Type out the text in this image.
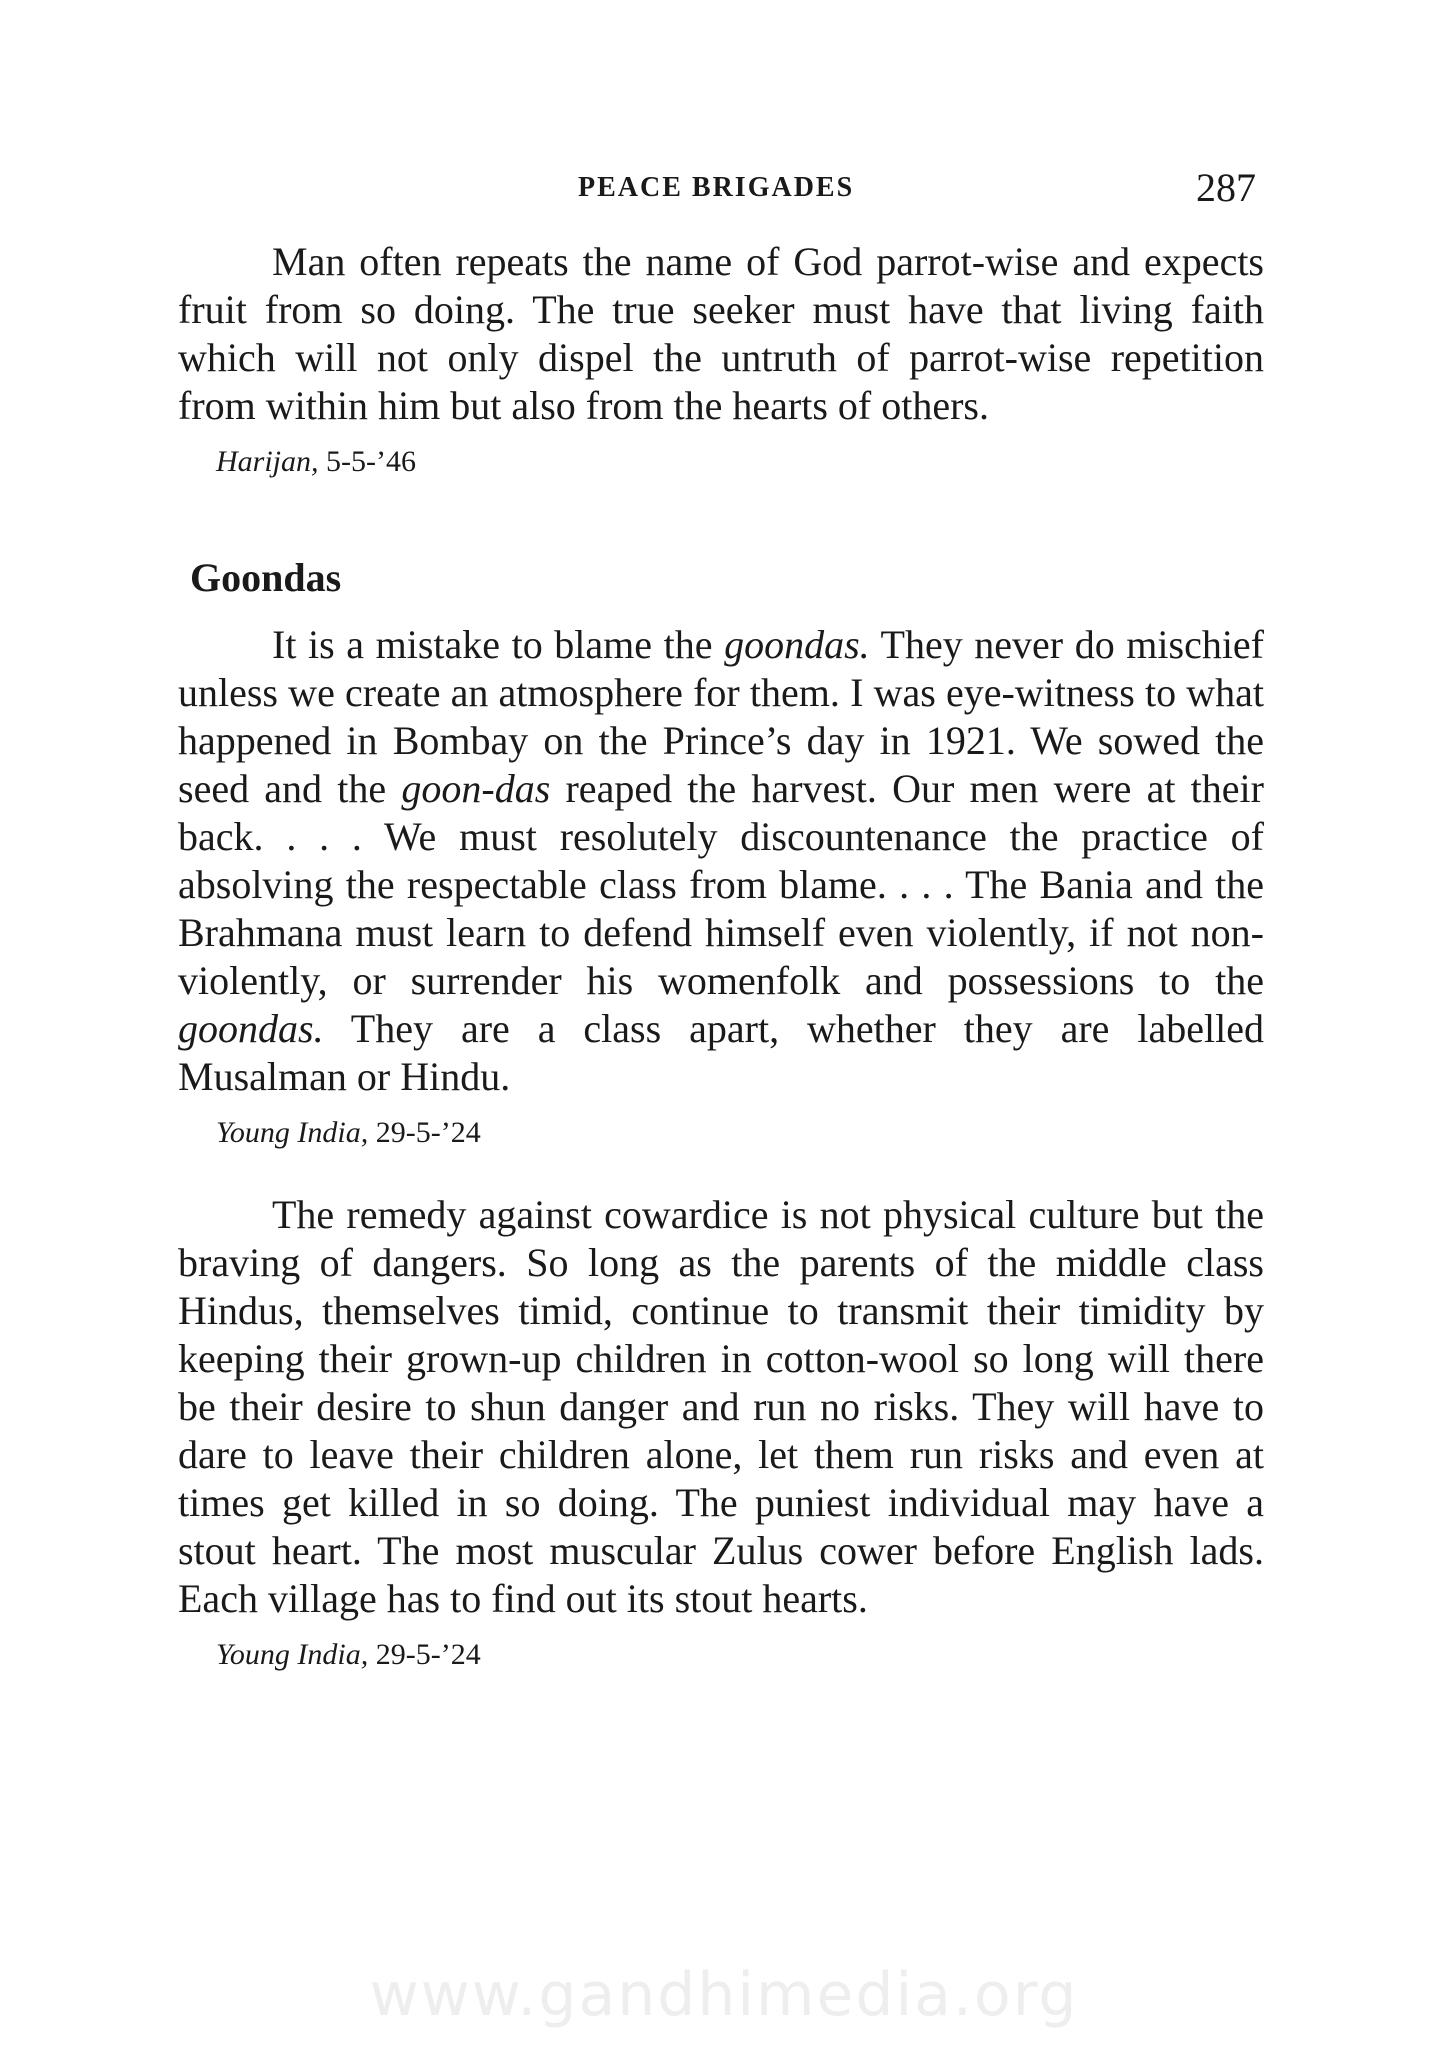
PEACE BRIGADES	287

Man often repeats the name of God parrot-wise and expects fruit from so doing. The true seeker must have that living faith which will not only dispel the untruth of parrot-wise repetition from within him but also from the hearts of others.

Harijan, 5-5-’46
Goondas

It is a mistake to blame the goondas. They never do mischief unless we create an atmosphere for them. I was eye-witness to what happened in Bombay on the Prince’s day in 1921. We sowed the seed and the goon-das reaped the harvest. Our men were at their back. . . . We must resolutely discountenance the practice of absolving the respectable class from blame. . . . The Bania and the Brahmana must learn to defend himself even violently, if not non-violently, or surrender his womenfolk and possessions to the goondas. They are a class apart, whether they are labelled Musalman or Hindu.

Young India, 29-5-’24

The remedy against cowardice is not physical culture but the braving of dangers. So long as the parents of the middle class Hindus, themselves timid, continue to transmit their timidity by keeping their grown-up children in cotton-wool so long will there be their desire to shun danger and run no risks. They will have to dare to leave their children alone, let them run risks and even at times get killed in so doing. The puniest individual may have a stout heart. The most muscular Zulus cower before English lads. Each village has to find out its stout hearts.

Young India, 29-5-’24
www.gandhimedia.org
